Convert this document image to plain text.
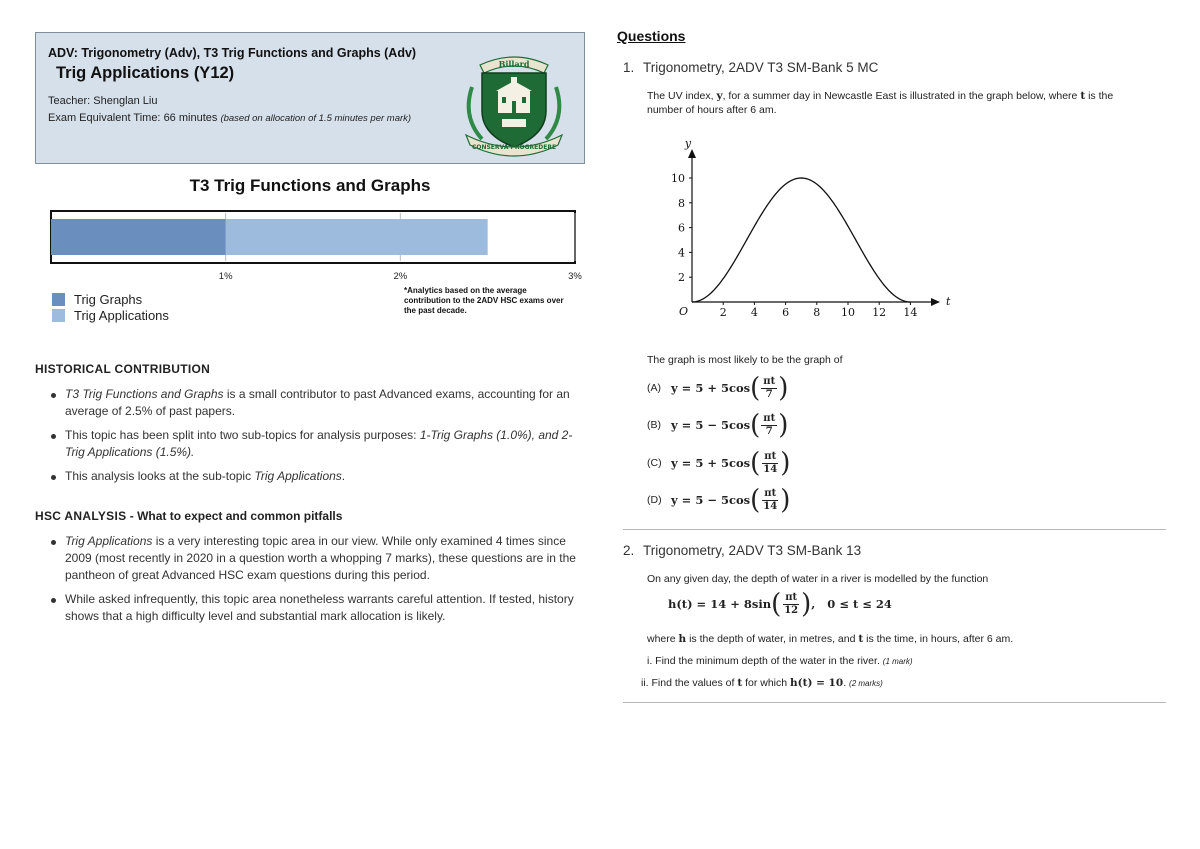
ADV: Trigonometry (Adv), T3 Trig Functions and Graphs (Adv)
Trig Applications (Y12)
Teacher: Shenglan Liu
Exam Equivalent Time: 66 minutes (based on allocation of 1.5 minutes per mark)
Billard
CONSERVA PROGREDERE
T3 Trig Functions and Graphs
1%	2%	3%
Trig Graphs
Trig Applications
*Analytics based on the average contribution to the 2ADV HSC exams over the past decade.
HISTORICAL CONTRIBUTION
T3 Trig Functions and Graphs is a small contributor to past Advanced exams, accounting for an average of 2.5% of past papers.
This topic has been split into two sub-topics for analysis purposes: 1-Trig Graphs (1.0%), and 2-Trig Applications (1.5%).
This analysis looks at the sub-topic Trig Applications.
HSC ANALYSIS - What to expect and common pitfalls
Trig Applications is a very interesting topic area in our view. While only examined 4 times since 2009 (most recently in 2020 in a question worth a whopping 7 marks), these questions are in the pantheon of great Advanced HSC exam questions during this period.
While asked infrequently, this topic area nonetheless warrants careful attention. If tested, history shows that a high difficulty level and substantial mark allocation is likely.
Questions
1. Trigonometry, 2ADV T3 SM-Bank 5 MC
The UV index, y, for a summer day in Newcastle East is illustrated in the graph below, where t is the
number of hours after 6 am.
y
t
O	2 4 6 8 10 12 14
2
4
6
8
10
The graph is most likely to be the graph of
(A) y = 5 + 5cos ( $\frac{\pi t}{7}$ )
(B) y = 5 − 5cos ( $\frac{\pi t}{7}$ )
(C) y = 5 + 5cos ( $\frac{\pi t}{14}$ )
(D) y = 5 − 5cos ( $\frac{\pi t}{14}$ )
2. Trigonometry, 2ADV T3 SM-Bank 13
On any given day, the depth of water in a river is modelled by the function
h(t) = 14 + 8sin ( $\frac{\pi t}{12}$ ) ,   0 ≤ t ≤ 24
where h is the depth of water, in metres, and t is the time, in hours, after 6 am.
i. Find the minimum depth of the water in the river. (1 mark)
ii. Find the values of t for which h(t) = 10. (2 marks)
